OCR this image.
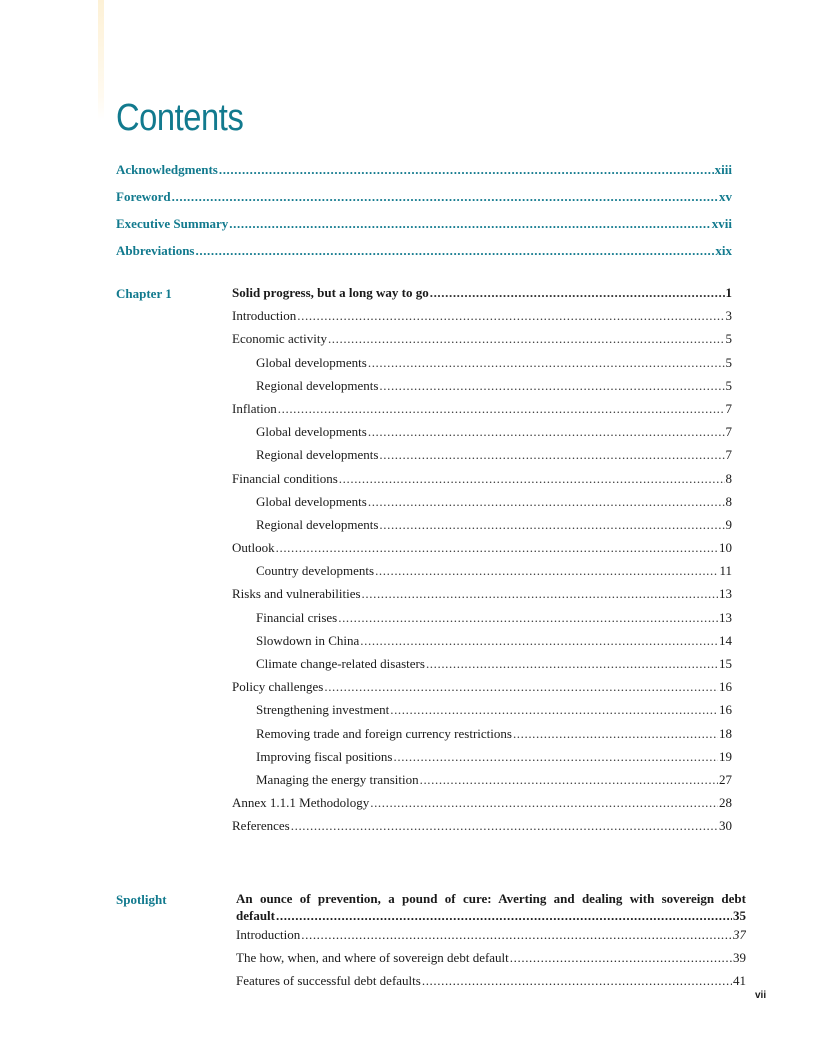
Contents
Acknowledgments .....	xiii
Foreword .....	xv
Executive Summary .....	xvii
Abbreviations .....	xix
Chapter 1	Solid progress, but a long way to go .....	1
Introduction .....	3
Economic activity .....	5
Global developments .....	5
Regional developments .....	5
Inflation .....	7
Global developments .....	7
Regional developments .....	7
Financial conditions .....	8
Global developments .....	8
Regional developments .....	9
Outlook .....	10
Country developments .....	11
Risks and vulnerabilities .....	13
Financial crises .....	13
Slowdown in China .....	14
Climate change-related disasters .....	15
Policy challenges .....	16
Strengthening investment .....	16
Removing trade and foreign currency restrictions .....	18
Improving fiscal positions .....	19
Managing the energy transition .....	27
Annex 1.1.1 Methodology .....	28
References .....	30
Spotlight	An ounce of prevention, a pound of cure: Averting and dealing with sovereign debt
default .....	35
Introduction .....	37
The how, when, and where of sovereign debt default .....	39
Features of successful debt defaults .....	41
vii
